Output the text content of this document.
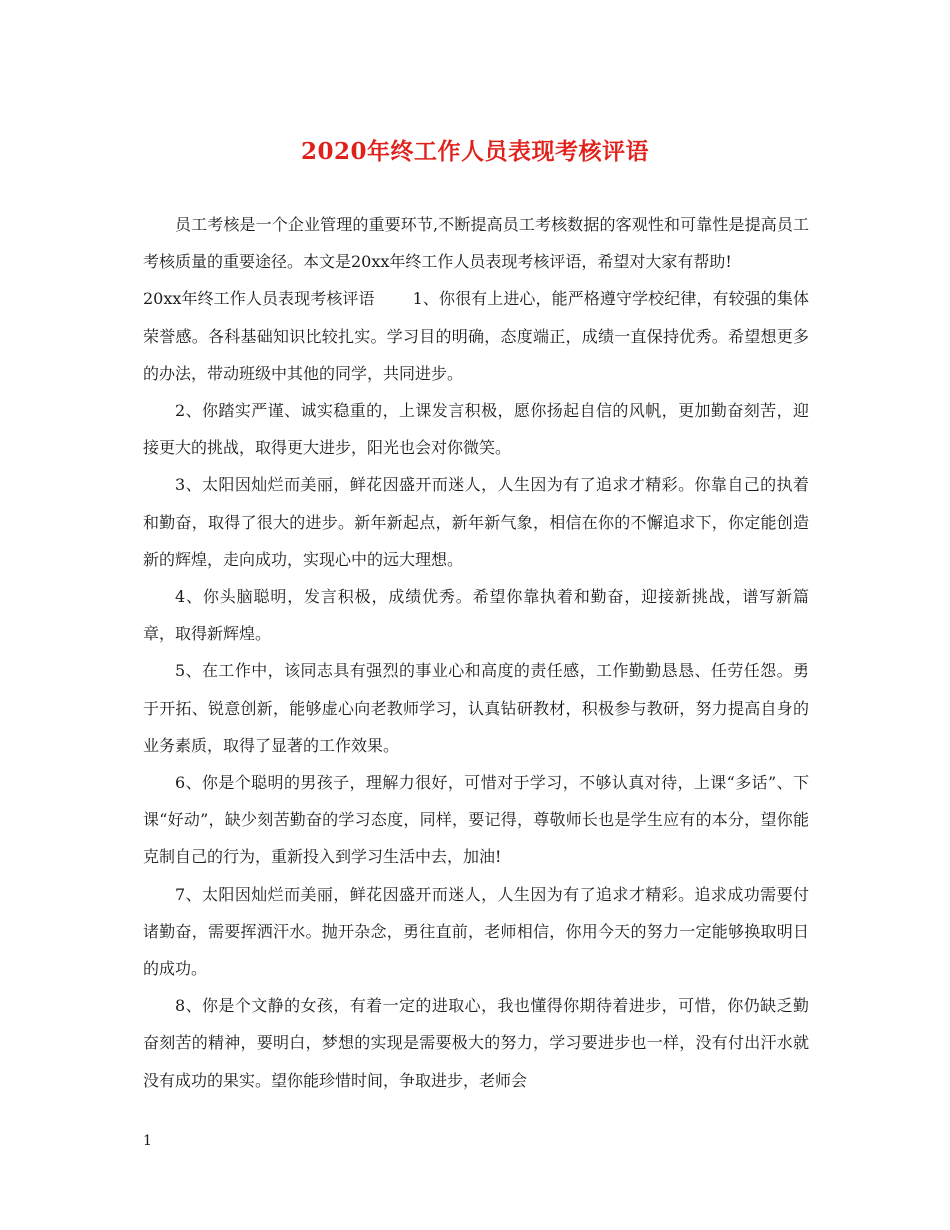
2020年终工作人员表现考核评语

员工考核是一个企业管理的重要环节,不断提高员工考核数据的客观性和可靠性是提高员工考核质量的重要途径。本文是20xx年终工作人员表现考核评语，希望对大家有帮助!

20xx年终工作人员表现考核评语 1、你很有上进心，能严格遵守学校纪律，有较强的集体荣誉感。各科基础知识比较扎实。学习目的明确，态度端正，成绩一直保持优秀。希望想更多的办法，带动班级中其他的同学，共同进步。

2、你踏实严谨、诚实稳重的，上课发言积极，愿你扬起自信的风帆，更加勤奋刻苦，迎接更大的挑战，取得更大进步，阳光也会对你微笑。

3、太阳因灿烂而美丽，鲜花因盛开而迷人，人生因为有了追求才精彩。你靠自己的执着和勤奋，取得了很大的进步。新年新起点，新年新气象，相信在你的不懈追求下，你定能创造新的辉煌，走向成功，实现心中的远大理想。

4、你头脑聪明，发言积极，成绩优秀。希望你靠执着和勤奋，迎接新挑战，谱写新篇章，取得新辉煌。

5、在工作中，该同志具有强烈的事业心和高度的责任感，工作勤勤恳恳、任劳任怨。勇于开拓、锐意创新，能够虚心向老教师学习，认真钻研教材，积极参与教研，努力提高自身的业务素质，取得了显著的工作效果。

6、你是个聪明的男孩子，理解力很好，可惜对于学习，不够认真对待，上课“多话”、下课“好动”，缺少刻苦勤奋的学习态度，同样，要记得，尊敬师长也是学生应有的本分，望你能克制自己的行为，重新投入到学习生活中去，加油!

7、太阳因灿烂而美丽，鲜花因盛开而迷人，人生因为有了追求才精彩。追求成功需要付诸勤奋，需要挥洒汗水。抛开杂念，勇往直前，老师相信，你用今天的努力一定能够换取明日的成功。

8、你是个文静的女孩，有着一定的进取心，我也懂得你期待着进步，可惜，你仍缺乏勤奋刻苦的精神，要明白，梦想的实现是需要极大的努力，学习要进步也一样，没有付出汗水就没有成功的果实。望你能珍惜时间，争取进步，老师会

1
